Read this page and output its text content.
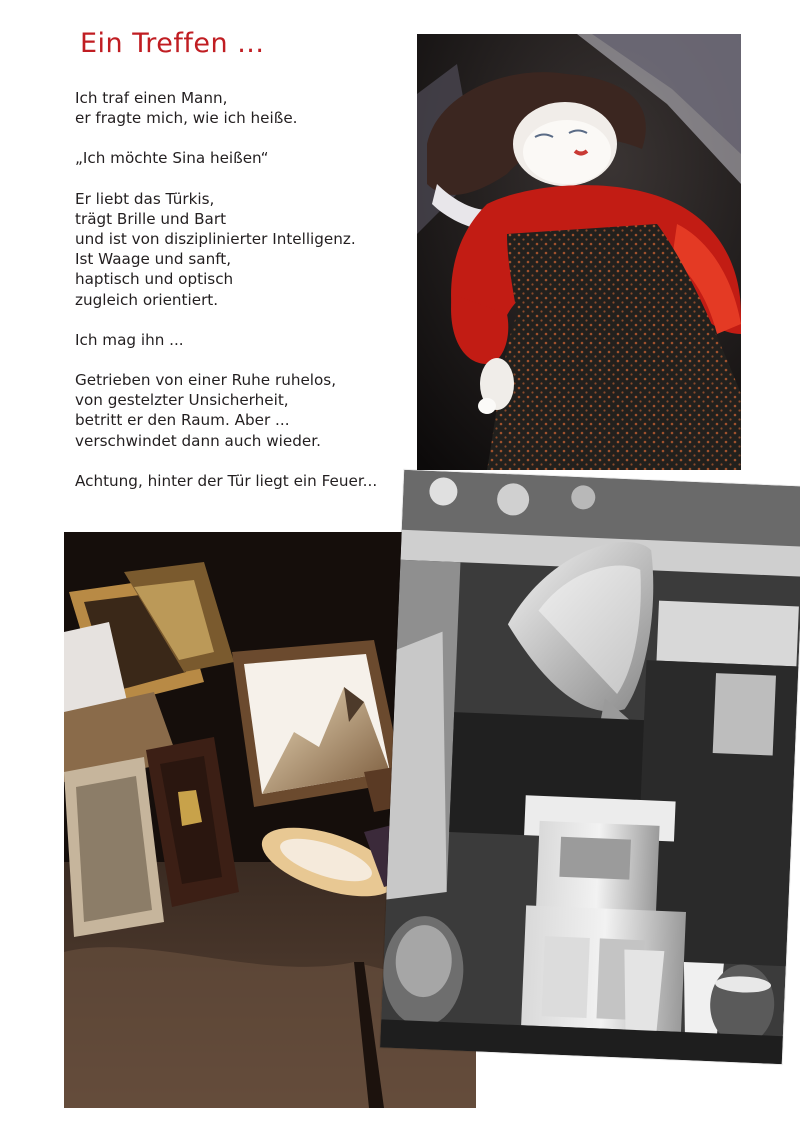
Ein Treffen ...

Ich traf einen Mann,
er fragte mich, wie ich heiße.

„Ich möchte Sina heißen“

Er liebt das Türkis,
trägt Brille und Bart
und ist von disziplinierter Intelligenz.
Ist Waage und sanft,
haptisch und optisch
zugleich orientiert.

Ich mag ihn ...

Getrieben von einer Ruhe ruhelos,
von gestelzter Unsicherheit,
betritt er den Raum. Aber ...
verschwindet dann auch wieder.

Achtung, hinter der Tür liegt ein Feuer...
